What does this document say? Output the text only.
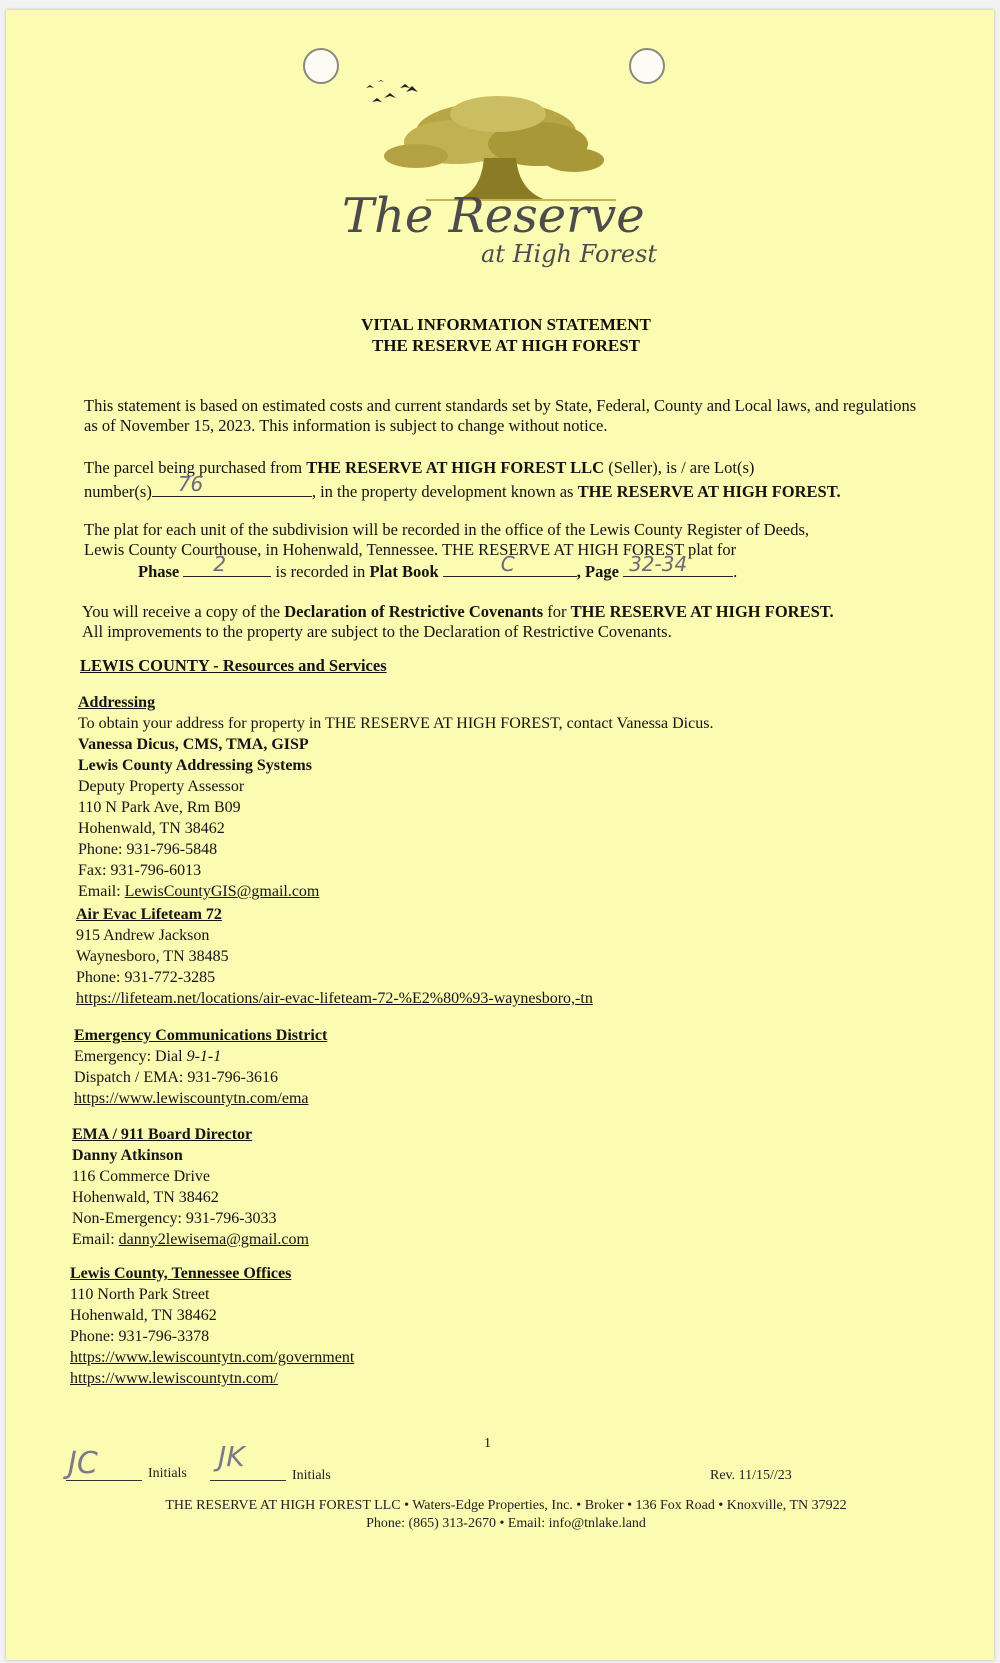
The Reserve
at High Forest
VITAL INFORMATION STATEMENT
THE RESERVE AT HIGH FOREST
This statement is based on estimated costs and current standards set by State, Federal, County and Local laws, and regulations as of November 15, 2023. This information is subject to change without notice.
The parcel being purchased from THE RESERVE AT HIGH FOREST LLC (Seller), is / are Lot(s)
number(s) 76	, in the property development known as THE RESERVE AT HIGH FOREST.
The plat for each unit of the subdivision will be recorded in the office of the Lewis County Register of Deeds,
Lewis County Courthouse, in Hohenwald, Tennessee. THE RESERVE AT HIGH FOREST plat for
Phase 2	is recorded in Plat Book	C	, Page 32-34	.
You will receive a copy of the Declaration of Restrictive Covenants for THE RESERVE AT HIGH FOREST.
All improvements to the property are subject to the Declaration of Restrictive Covenants.
LEWIS COUNTY - Resources and Services
Addressing
To obtain your address for property in THE RESERVE AT HIGH FOREST, contact Vanessa Dicus.
Vanessa Dicus, CMS, TMA, GISP
Lewis County Addressing Systems
Deputy Property Assessor
110 N Park Ave, Rm B09
Hohenwald, TN 38462
Phone: 931-796-5848
Fax: 931-796-6013
Email: LewisCountyGIS@gmail.com
Air Evac Lifeteam 72
915 Andrew Jackson
Waynesboro, TN 38485
Phone: 931-772-3285
https://lifeteam.net/locations/air-evac-lifeteam-72-%E2%80%93-waynesboro,-tn
Emergency Communications District
Emergency: Dial 9-1-1
Dispatch / EMA: 931-796-3616
https://www.lewiscountytn.com/ema
EMA / 911 Board Director
Danny Atkinson
116 Commerce Drive
Hohenwald, TN 38462
Non-Emergency: 931-796-3033
Email: danny2lewisema@gmail.com
Lewis County, Tennessee Offices
110 North Park Street
Hohenwald, TN 38462
Phone: 931-796-3378
https://www.lewiscountytn.com/government
https://www.lewiscountytn.com/
1
JC	Initials
JK
Initials	Rev. 11/15//23
THE RESERVE AT HIGH FOREST LLC • Waters-Edge Properties, Inc. • Broker • 136 Fox Road • Knoxville, TN 37922
Phone: (865) 313-2670 • Email: info@tnlake.land
